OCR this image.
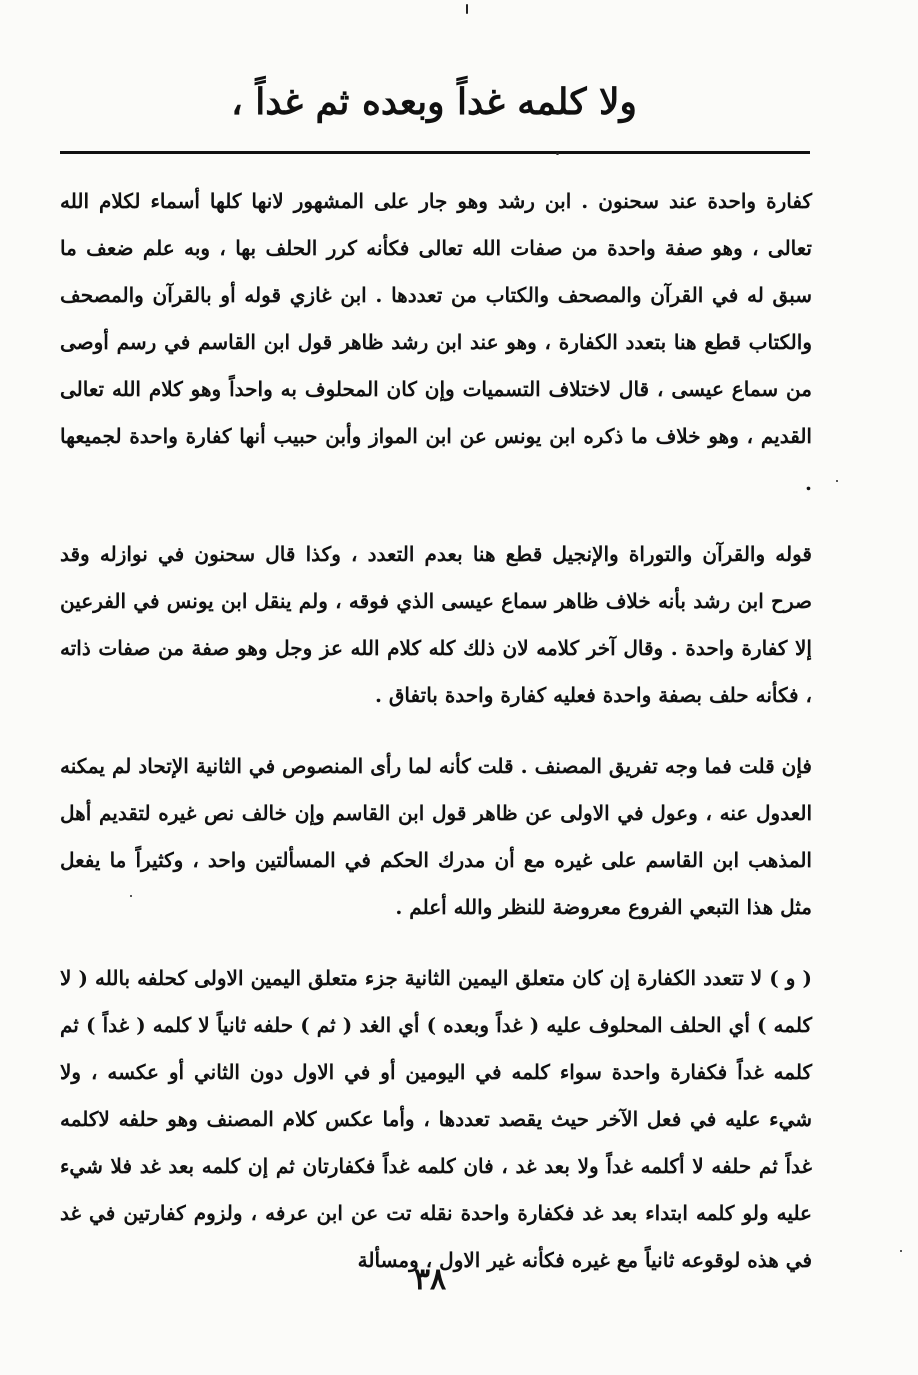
ولا كلمه غداً وبعده ثم غداً ،

كفارة واحدة عند سحنون . ابن رشد وهو جار على المشهور لانها كلها أسماء لكلام الله تعالى ، وهو صفة واحدة من صفات الله تعالى فكأنه كرر الحلف بها ، وبه علم ضعف ما سبق له في القرآن والمصحف والكتاب من تعددها . ابن غازي قوله أو بالقرآن والمصحف والكتاب قطع هنا بتعدد الكفارة ، وهو عند ابن رشد ظاهر قول ابن القاسم في رسم أوصى من سماع عيسى ، قال لاختلاف التسميات وإن كان المحلوف به واحداً وهو كلام الله تعالى القديم ، وهو خلاف ما ذكره ابن يونس عن ابن المواز وأبن حبيب أنها كفارة واحدة لجميعها .

قوله والقرآن والتوراة والإنجيل قطع هنا بعدم التعدد ، وكذا قال سحنون في نوازله وقد صرح ابن رشد بأنه خلاف ظاهر سماع عيسى الذي فوقه ، ولم ينقل ابن يونس في الفرعين إلا كفارة واحدة . وقال آخر كلامه لان ذلك كله كلام الله عز وجل وهو صفة من صفات ذاته ، فكأنه حلف بصفة واحدة فعليه كفارة واحدة باتفاق .

فإن قلت فما وجه تفريق المصنف . قلت كأنه لما رأى المنصوص في الثانية الإتحاد لم يمكنه العدول عنه ، وعول في الاولى عن ظاهر قول ابن القاسم وإن خالف نص غيره لتقديم أهل المذهب ابن القاسم على غيره مع أن مدرك الحكم في المسألتين واحد ، وكثيراً ما يفعل مثل هذا التبعي الفروع معروضة للنظر والله أعلم .

( و ) لا تتعدد الكفارة إن كان متعلق اليمين الثانية جزء متعلق اليمين الاولى كحلفه بالله ( لا كلمه ) أي الحلف المحلوف عليه ( غداً وبعده ) أي الغد ( ثم ) حلفه ثانياً لا كلمه ( غداً ) ثم كلمه غداً فكفارة واحدة سواء كلمه في اليومين أو في الاول دون الثاني أو عكسه ، ولا شيء عليه في فعل الآخر حيث يقصد تعددها ، وأما عكس كلام المصنف وهو حلفه لاكلمه غداً ثم حلفه لا أكلمه غداً ولا بعد غد ، فان كلمه غداً فكفارتان ثم إن كلمه بعد غد فلا شيء عليه ولو كلمه ابتداء بعد غد فكفارة واحدة نقله تت عن ابن عرفه ، ولزوم كفارتين في غد في هذه لوقوعه ثانياً مع غيره فكأنه غير الاول ، ومسألة

٣٨
